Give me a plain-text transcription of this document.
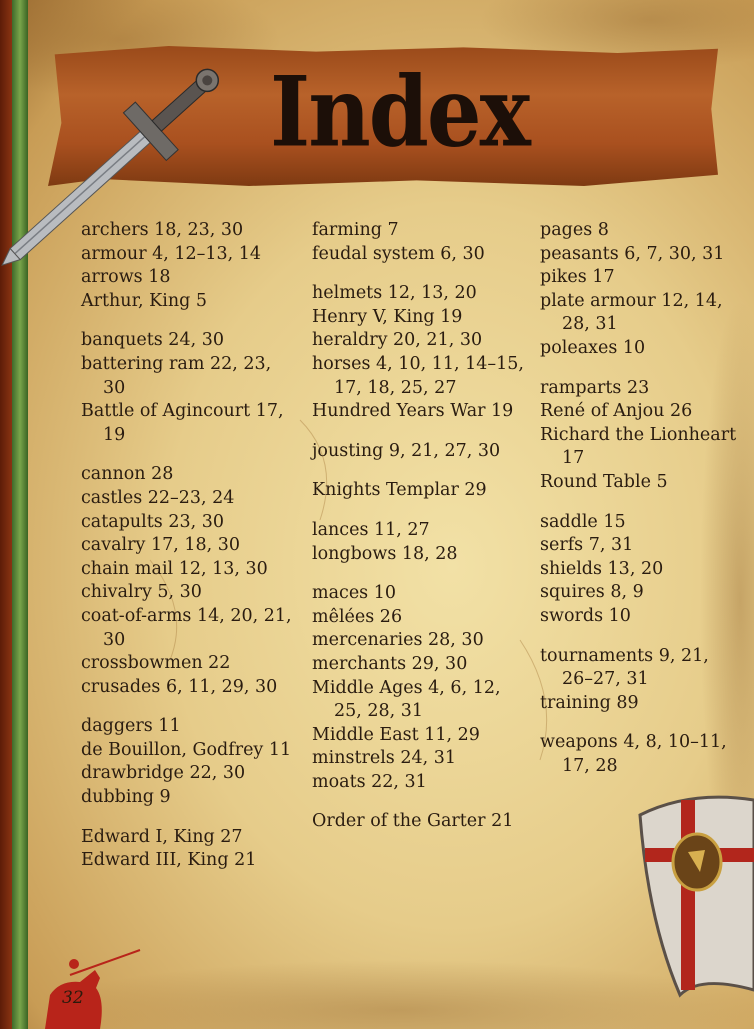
Index
archers 18, 23, 30
armour 4, 12–13, 14
arrows 18
Arthur, King 5
banquets 24, 30
battering ram 22, 23, 30
Battle of Agincourt 17, 19
cannon 28
castles 22–23, 24
catapults 23, 30
cavalry 17, 18, 30
chain mail 12, 13, 30
chivalry 5, 30
coat-of-arms 14, 20, 21, 30
crossbowmen 22
crusades 6, 11, 29, 30
daggers 11
de Bouillon, Godfrey 11
drawbridge 22, 30
dubbing 9
Edward I, King 27
Edward III, King 21
farming 7
feudal system 6, 30
helmets 12, 13, 20
Henry V, King 19
heraldry 20, 21, 30
horses 4, 10, 11, 14–15, 17, 18, 25, 27
Hundred Years War 19
jousting 9, 21, 27, 30
Knights Templar 29
lances 11, 27
longbows 18, 28
maces 10
mêlées 26
mercenaries 28, 30
merchants 29, 30
Middle Ages 4, 6, 12, 25, 28, 31
Middle East 11, 29
minstrels 24, 31
moats 22, 31
Order of the Garter 21
pages 8
peasants 6, 7, 30, 31
pikes 17
plate armour 12, 14, 28, 31
poleaxes 10
ramparts 23
René of Anjou 26
Richard the Lionheart 17
Round Table 5
saddle 15
serfs 7, 31
shields 13, 20
squires 8, 9
swords 10
tournaments 9, 21, 26–27, 31
training 89
weapons 4, 8, 10–11, 17, 28
32
